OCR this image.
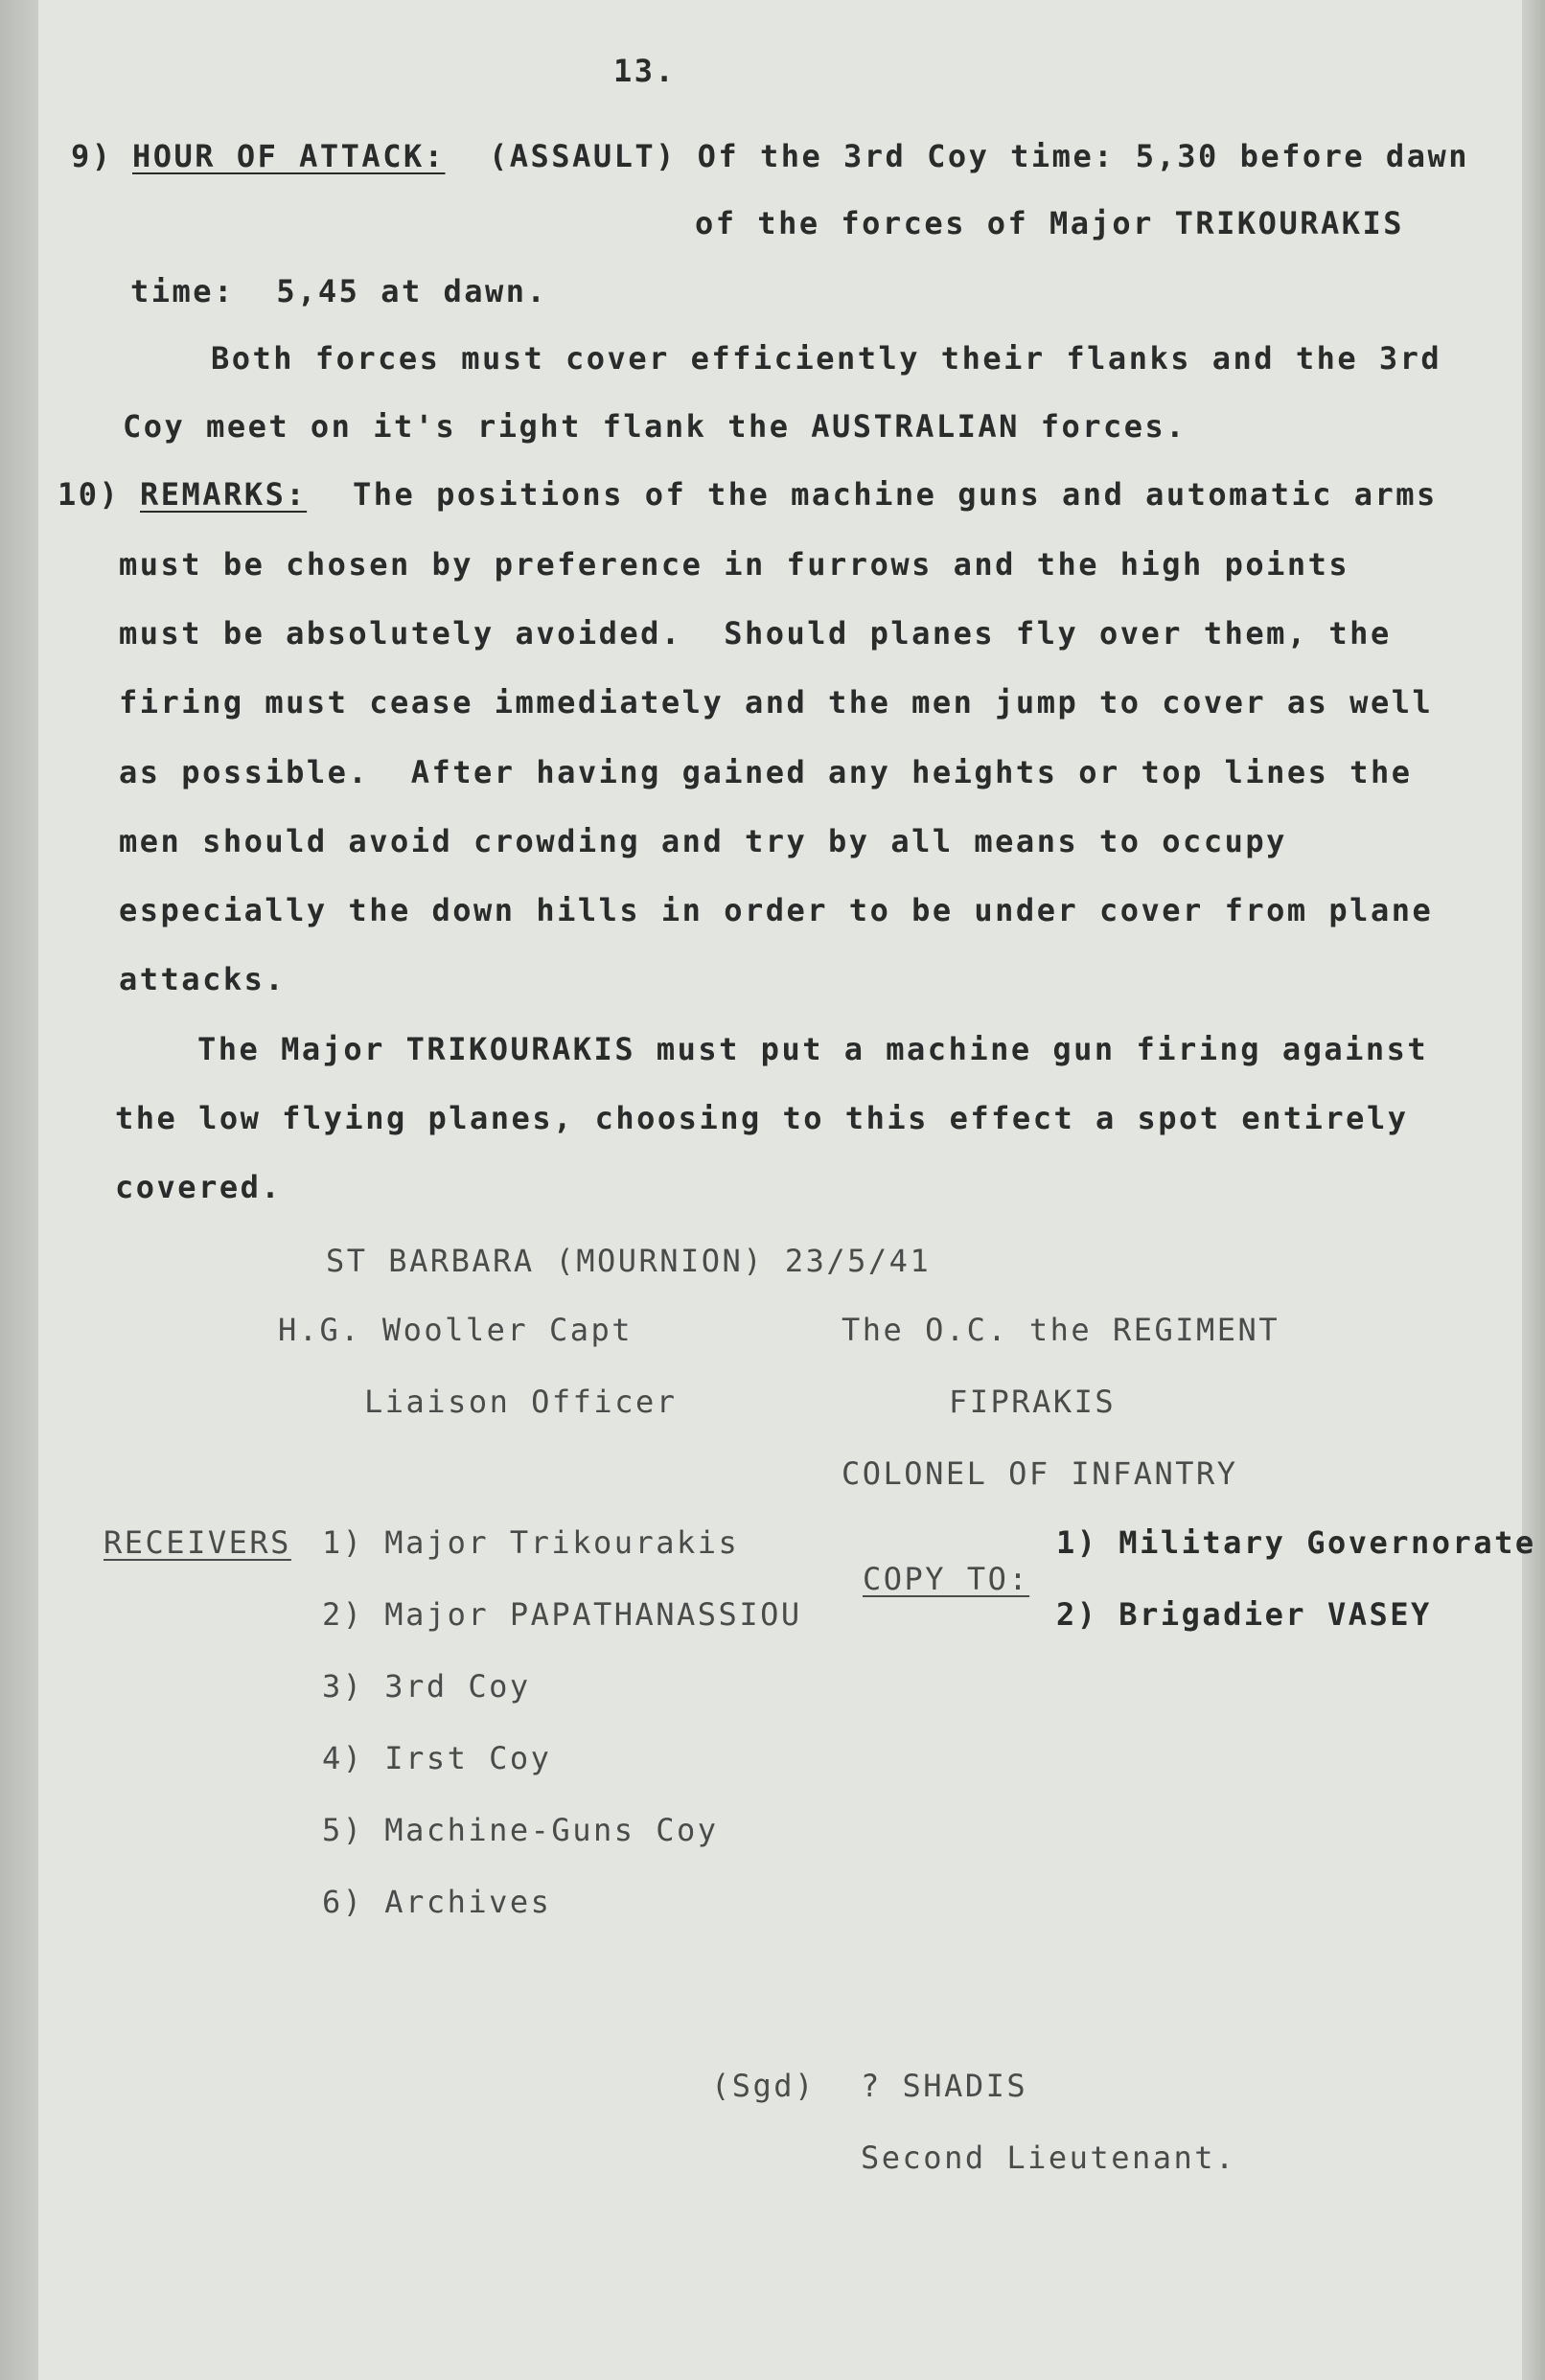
13.
9) HOUR OF ATTACK: (ASSAULT) Of the 3rd Coy time: 5,30 before dawn
of the forces of Major TRIKOURAKIS
time:  5,45 at dawn.
Both forces must cover efficiently their flanks and the 3rd
Coy meet on it's right flank the AUSTRALIAN forces.
10) REMARKS: The positions of the machine guns and automatic arms
must be chosen by preference in furrows and the high points
must be absolutely avoided.  Should planes fly over them, the
firing must cease immediately and the men jump to cover as well
as possible.  After having gained any heights or top lines the
men should avoid crowding and try by all means to occupy
especially the down hills in order to be under cover from plane
attacks.
The Major TRIKOURAKIS must put a machine gun firing against
the low flying planes, choosing to this effect a spot entirely
covered.
ST BARBARA (MOURNION) 23/5/41
H.G. Wooller Capt
Liaison Officer
The O.C. the REGIMENT
FIPRAKIS
COLONEL OF INFANTRY
RECEIVERS 1) Major Trikourakis
2) Major PAPATHANASSIOU
3) 3rd Coy
4) Irst Coy
5) Machine-Guns Coy
6) Archives
COPY TO:
1) Military Governorate
2) Brigadier VASEY
(Sgd) ? SHADIS
Second Lieutenant.
